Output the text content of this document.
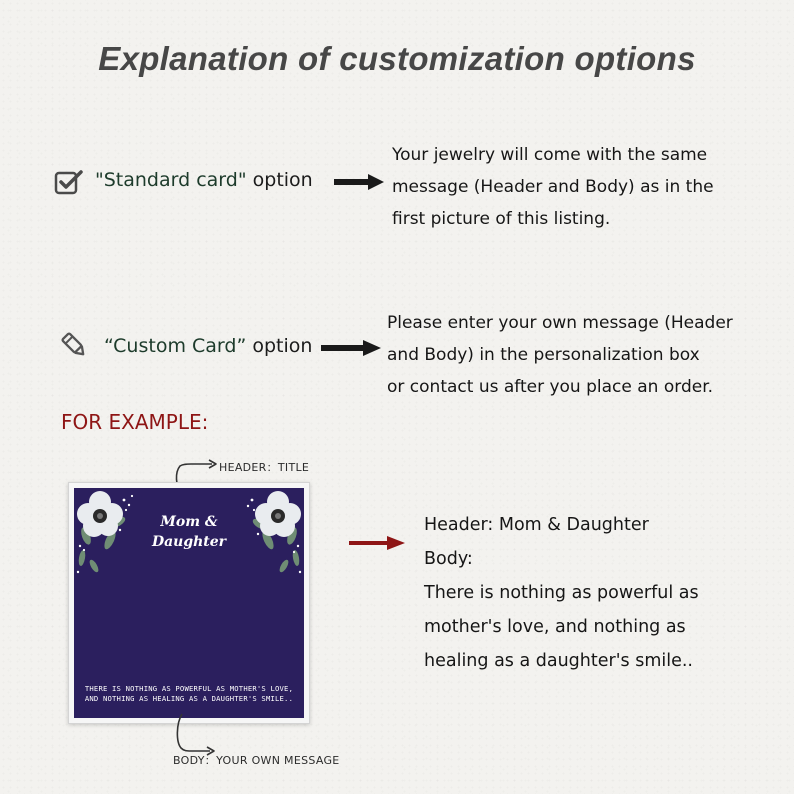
Explanation of customization options
"Standard card" option
Your jewelry will come with the same
message (Header and Body) as in the
first picture of this listing.
“Custom Card” option
Please enter your own message (Header
and Body) in the personalization box
or contact us after you place an order.
FOR EXAMPLE:
HEADER：TITLE
Mom &
Daughter
THERE IS NOTHING AS POWERFUL AS MOTHER'S LOVE,
AND NOTHING AS HEALING AS A DAUGHTER'S SMILE..
BODY：YOUR OWN MESSAGE
Header: Mom & Daughter
Body:
There is nothing as powerful as
mother's love, and nothing as
healing as a daughter's smile..
